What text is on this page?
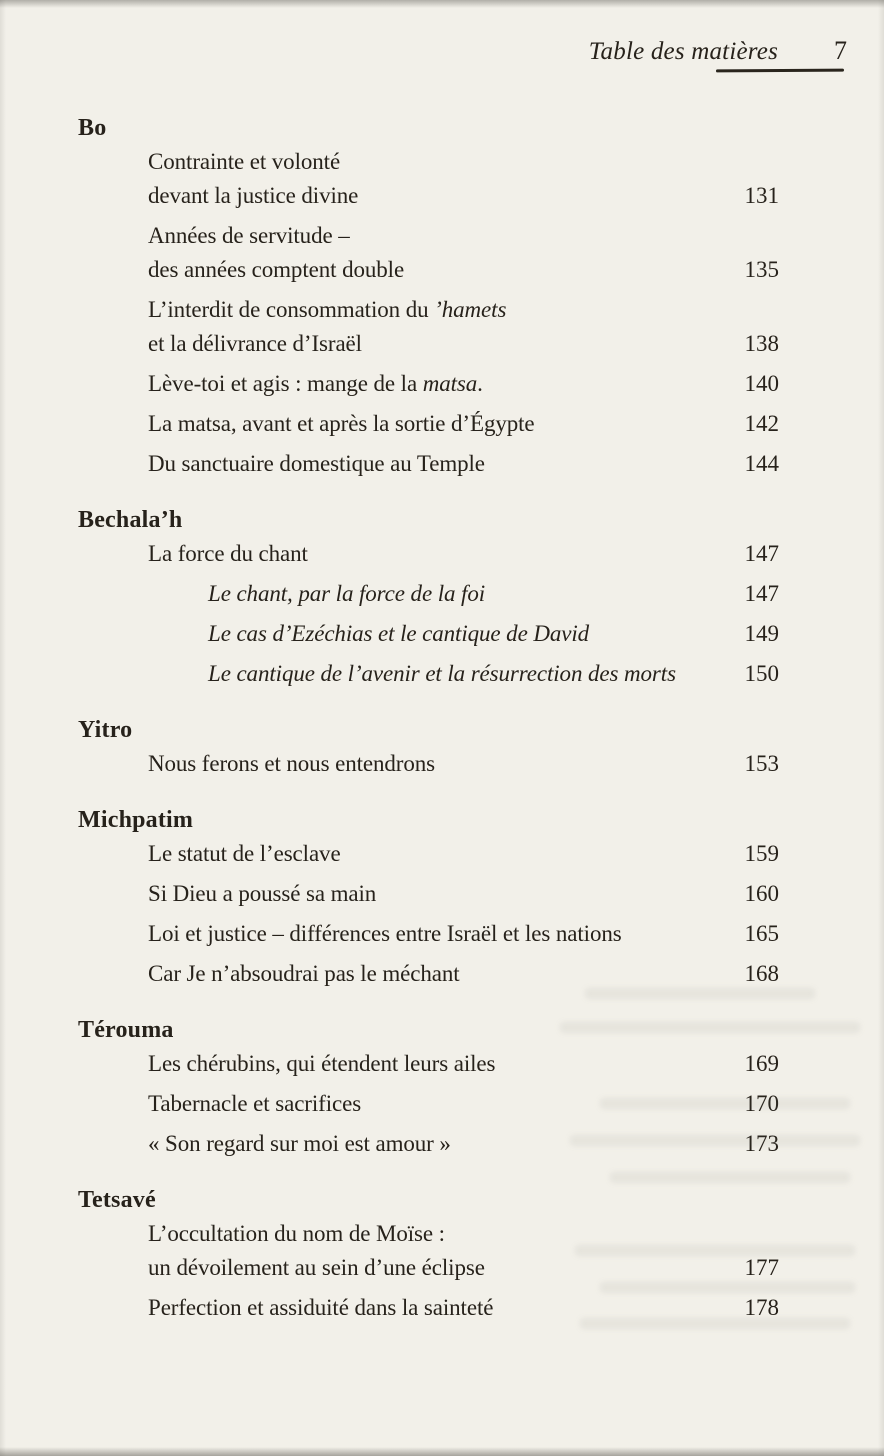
Table des matières 7
Bo
Contrainte et volonté
devant la justice divine	131
Années de servitude –
des années comptent double	135
L’interdit de consommation du ’hamets
et la délivrance d’Israël	138
Lève-toi et agis : mange de la matsa.	140
La matsa, avant et après la sortie d’Égypte	142
Du sanctuaire domestique au Temple	144
Bechala’h
La force du chant	147
Le chant, par la force de la foi	147
Le cas d’Ezéchias et le cantique de David	149
Le cantique de l’avenir et la résurrection des morts	150
Yitro
Nous ferons et nous entendrons	153
Michpatim
Le statut de l’esclave	159
Si Dieu a poussé sa main	160
Loi et justice – différences entre Israël et les nations	165
Car Je n’absoudrai pas le méchant	168
Térouma
Les chérubins, qui étendent leurs ailes	169
Tabernacle et sacrifices	170
« Son regard sur moi est amour »	173
Tetsavé
L’occultation du nom de Moïse :
un dévoilement au sein d’une éclipse	177
Perfection et assiduité dans la sainteté	178
